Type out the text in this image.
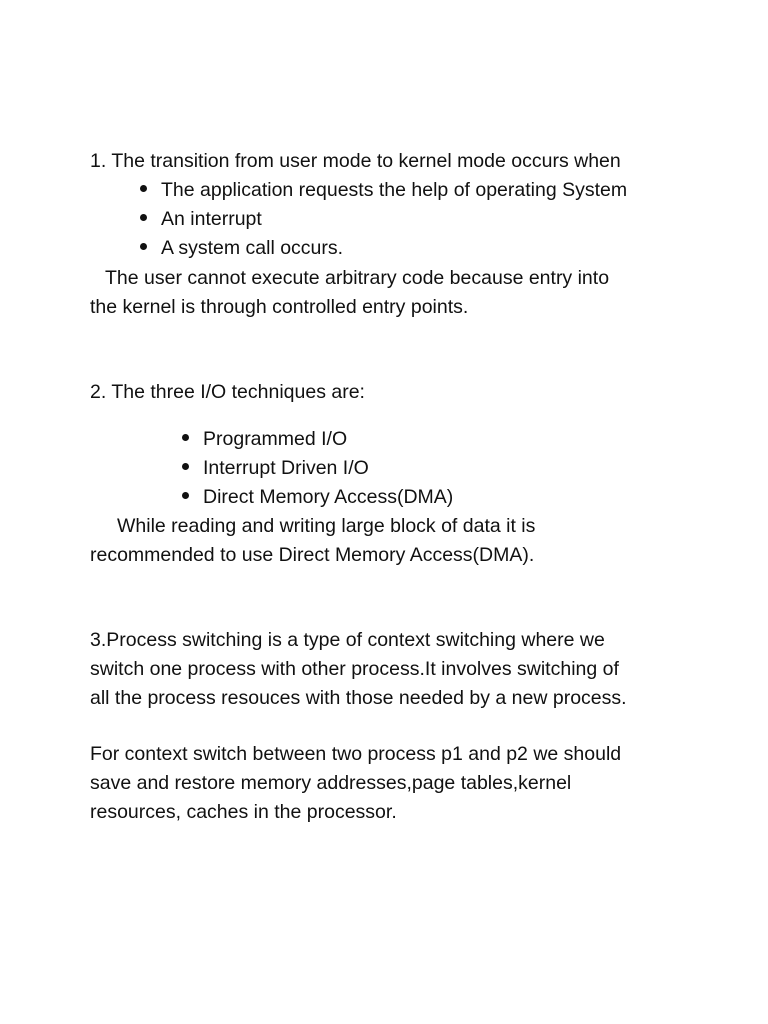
1. The transition from user mode to kernel mode occurs when
The application requests the help of operating System
An interrupt
A system call occurs.
The user cannot execute arbitrary code because entry into
the kernel is through controlled entry points.
2. The three I/O techniques are:
Programmed I/O
Interrupt Driven I/O
Direct Memory Access(DMA)
While reading and writing large block of data it is
recommended to use Direct Memory Access(DMA).
3.Process switching is a type of context switching where we
switch one process with other process.It involves switching of
all the process resouces with those needed by a new process.
For context switch between two process p1 and p2 we should
save and restore memory addresses,page tables,kernel
resources, caches in the processor.
